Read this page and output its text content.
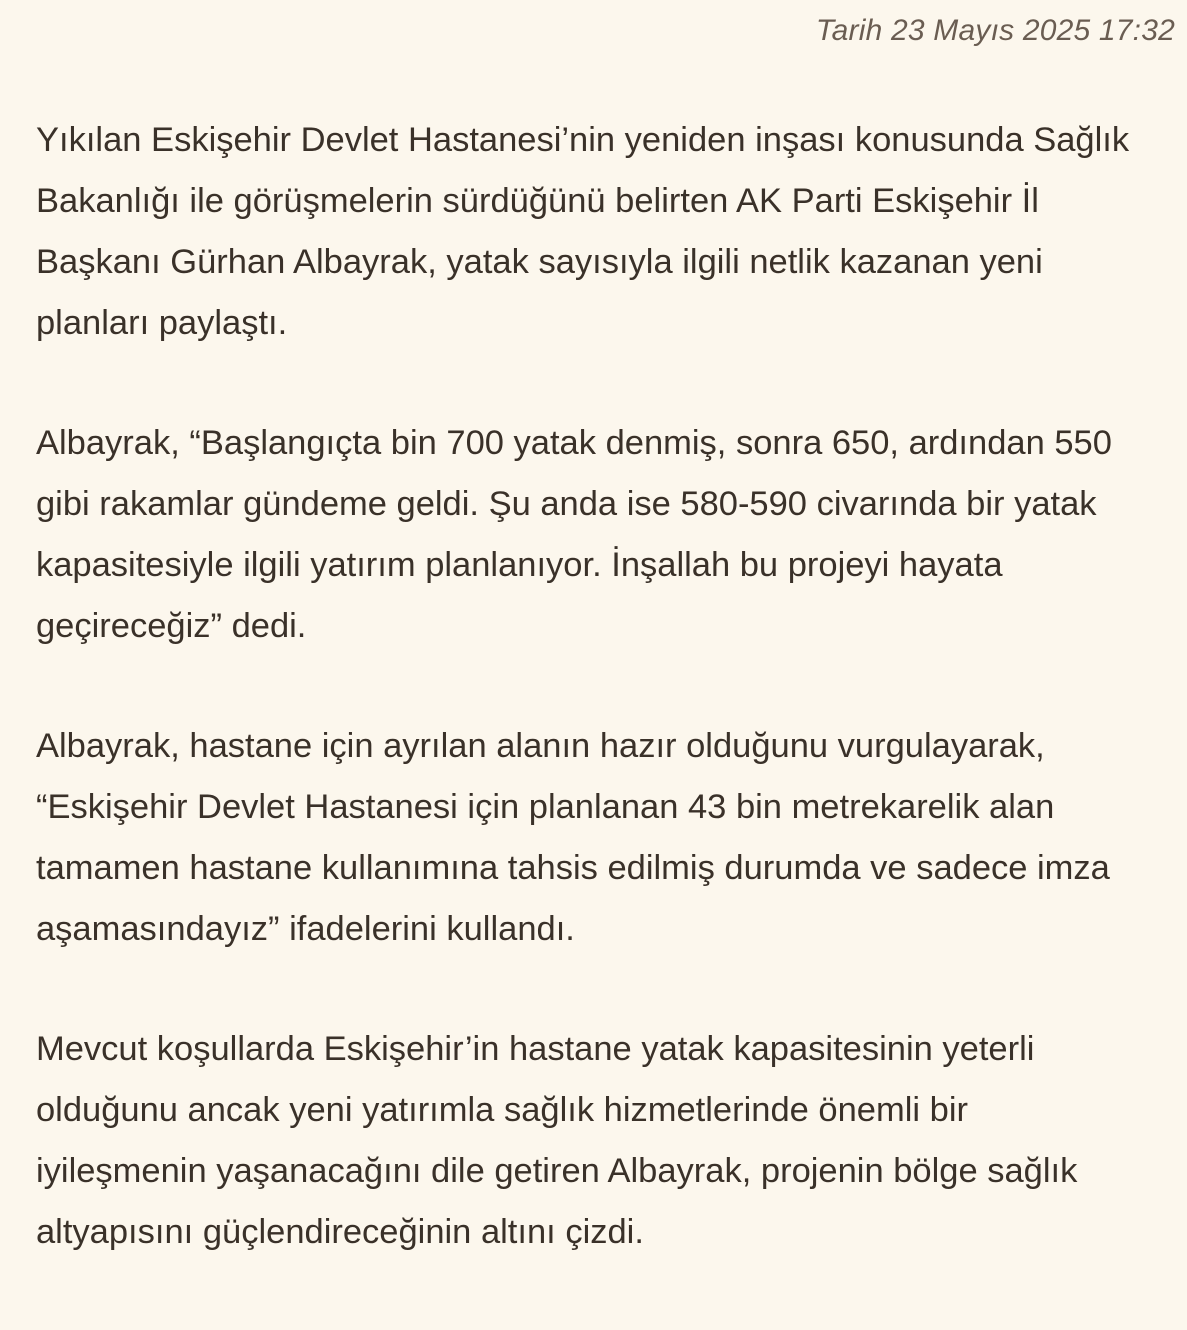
Tarih 23 Mayıs 2025 17:32

Yıkılan Eskişehir Devlet Hastanesi’nin yeniden inşası konusunda Sağlık Bakanlığı ile görüşmelerin sürdüğünü belirten AK Parti Eskişehir İl Başkanı Gürhan Albayrak, yatak sayısıyla ilgili netlik kazanan yeni planları paylaştı.

Albayrak, “Başlangıçta bin 700 yatak denmiş, sonra 650, ardından 550 gibi rakamlar gündeme geldi. Şu anda ise 580-590 civarında bir yatak kapasitesiyle ilgili yatırım planlanıyor. İnşallah bu projeyi hayata geçireceğiz” dedi.

Albayrak, hastane için ayrılan alanın hazır olduğunu vurgulayarak, “Eskişehir Devlet Hastanesi için planlanan 43 bin metrekarelik alan tamamen hastane kullanımına tahsis edilmiş durumda ve sadece imza aşamasındayız” ifadelerini kullandı.

Mevcut koşullarda Eskişehir’in hastane yatak kapasitesinin yeterli olduğunu ancak yeni yatırımla sağlık hizmetlerinde önemli bir iyileşmenin yaşanacağını dile getiren Albayrak, projenin bölge sağlık altyapısını güçlendireceğinin altını çizdi.
